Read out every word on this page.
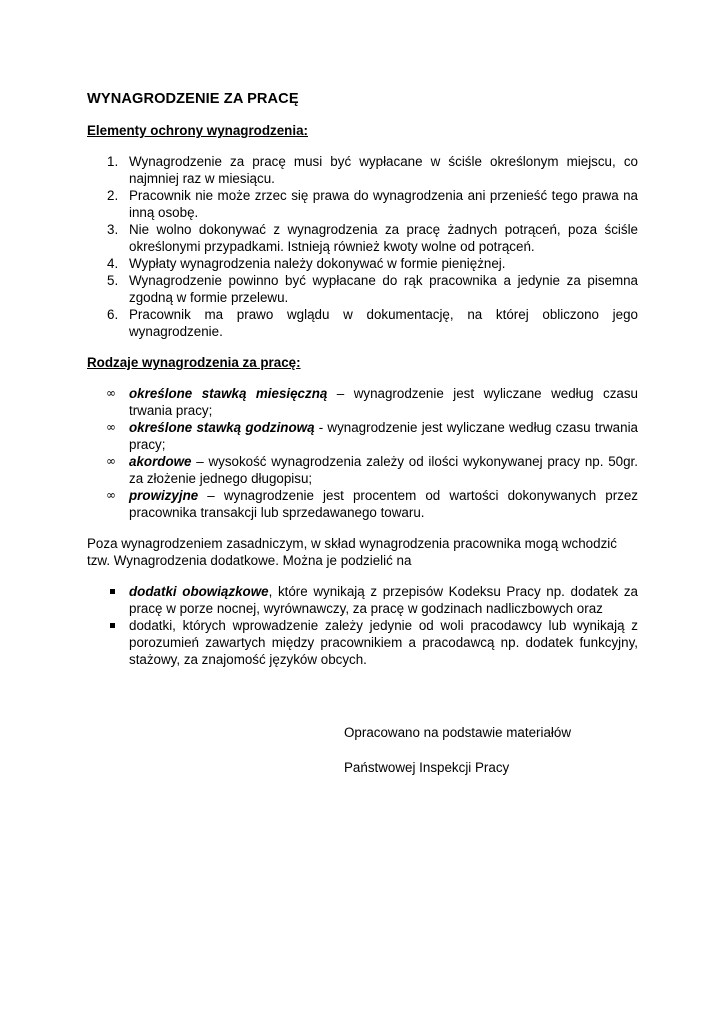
WYNAGRODZENIE ZA PRACĘ
Elementy ochrony wynagrodzenia:
1. Wynagrodzenie za pracę musi być wypłacane w ściśle określonym miejscu, co najmniej raz w miesiącu.
2. Pracownik nie może zrzec się prawa do wynagrodzenia ani przenieść tego prawa na inną osobę.
3. Nie wolno dokonywać z wynagrodzenia za pracę żadnych potrąceń, poza ściśle określonymi przypadkami. Istnieją również kwoty wolne od potrąceń.
4. Wypłaty wynagrodzenia należy dokonywać w formie pieniężnej.
5. Wynagrodzenie powinno być wypłacane do rąk pracownika a jedynie za pisemna zgodną w formie przelewu.
6. Pracownik ma prawo wglądu w dokumentację, na której obliczono jego wynagrodzenie.
Rodzaje wynagrodzenia za pracę:
∞ określone stawką miesięczną – wynagrodzenie jest wyliczane według czasu trwania pracy;
∞ określone stawką godzinową - wynagrodzenie jest wyliczane według czasu trwania pracy;
∞ akordowe – wysokość wynagrodzenia zależy od ilości wykonywanej pracy np. 50gr. za złożenie jednego długopisu;
∞ prowizyjne – wynagrodzenie jest procentem od wartości dokonywanych przez pracownika transakcji lub sprzedawanego towaru.

Poza wynagrodzeniem zasadniczym, w skład wynagrodzenia pracownika mogą wchodzić tzw. Wynagrodzenia dodatkowe. Można je podzielić na

dodatki obowiązkowe, które wynikają z przepisów Kodeksu Pracy np. dodatek za pracę w porze nocnej, wyrównawczy, za pracę w godzinach nadliczbowych oraz
dodatki, których wprowadzenie zależy jedynie od woli pracodawcy lub wynikają z porozumień zawartych między pracownikiem a pracodawcą np. dodatek funkcyjny, stażowy, za znajomość języków obcych.
Opracowano na podstawie materiałów
Państwowej Inspekcji Pracy
